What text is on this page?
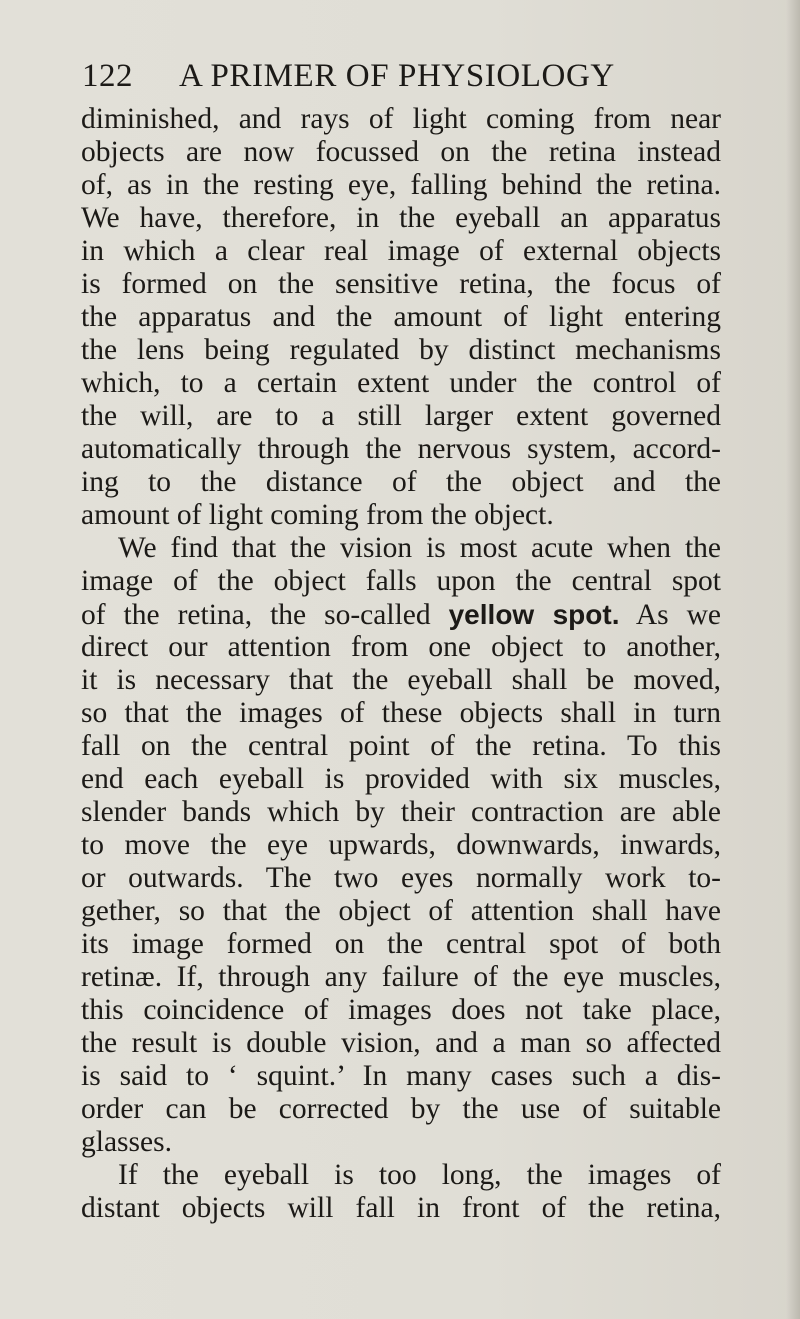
122 A PRIMER OF PHYSIOLOGY
diminished, and rays of light coming from near
objects are now focussed on the retina instead
of, as in the resting eye, falling behind the retina.
We have, therefore, in the eyeball an apparatus
in which a clear real image of external objects
is formed on the sensitive retina, the focus of
the apparatus and the amount of light entering
the lens being regulated by distinct mechanisms
which, to a certain extent under the control of
the will, are to a still larger extent governed
automatically through the nervous system, accord-
ing to the distance of the object and the
amount of light coming from the object.
We find that the vision is most acute when the
image of the object falls upon the central spot
of the retina, the so-called yellow spot. As we
direct our attention from one object to another,
it is necessary that the eyeball shall be moved,
so that the images of these objects shall in turn
fall on the central point of the retina. To this
end each eyeball is provided with six muscles,
slender bands which by their contraction are able
to move the eye upwards, downwards, inwards,
or outwards. The two eyes normally work to-
gether, so that the object of attention shall have
its image formed on the central spot of both
retinæ. If, through any failure of the eye muscles,
this coincidence of images does not take place,
the result is double vision, and a man so affected
is said to ‘ squint.’ In many cases such a dis-
order can be corrected by the use of suitable
glasses.
If the eyeball is too long, the images of
distant objects will fall in front of the retina,
